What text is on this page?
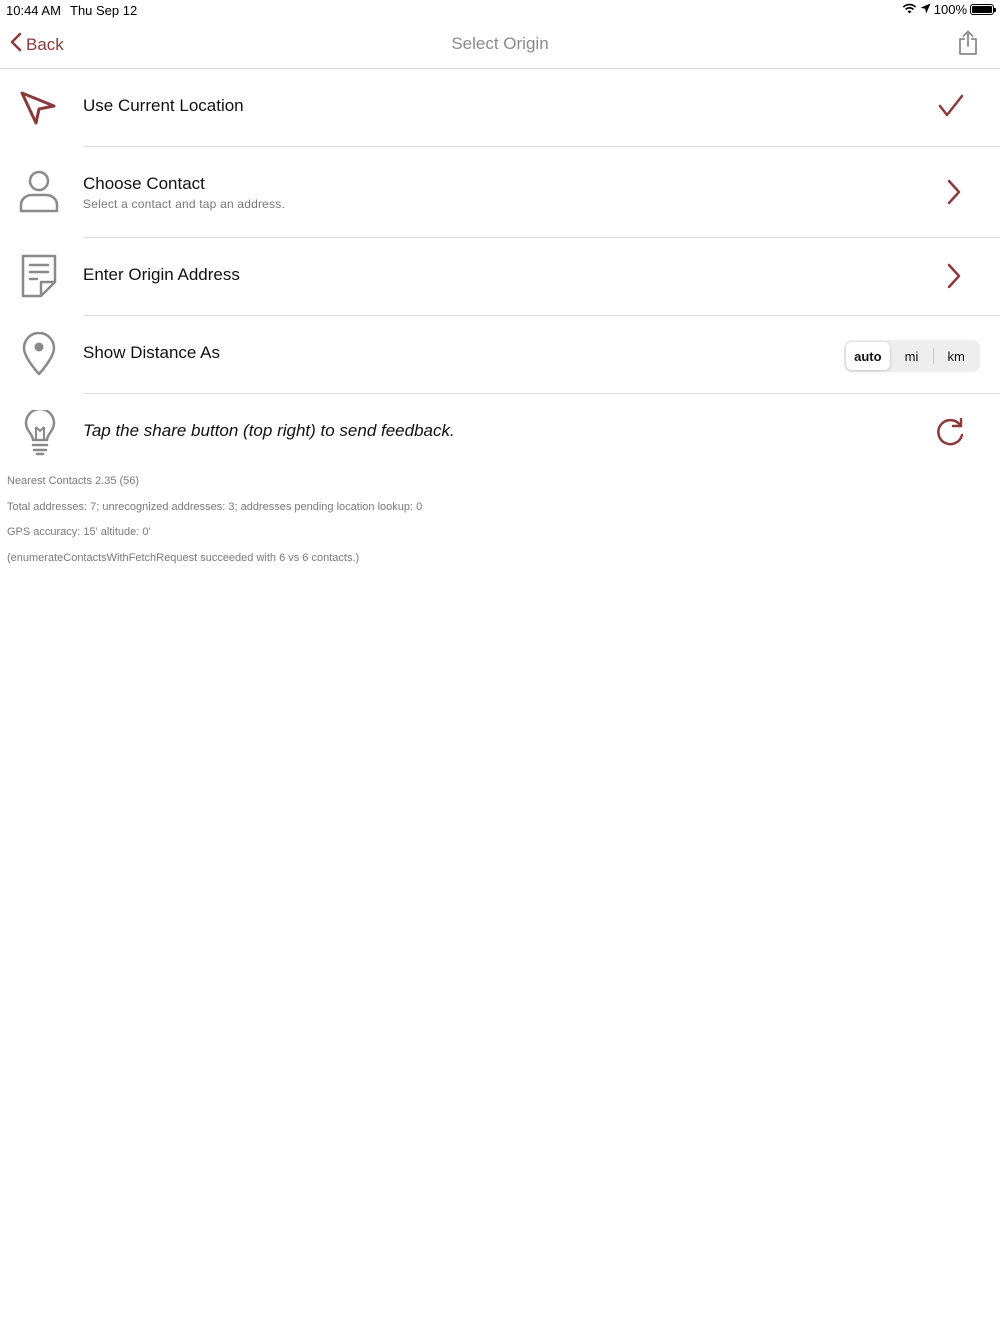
10:44 AM Thu Sep 12	100%
Back	Select Origin
Use Current Location
Choose Contact
Select a contact and tap an address.
Enter Origin Address
Show Distance As	auto	mi	km
Tap the share button (top right) to send feedback.
Nearest Contacts 2.35 (56)
Total addresses: 7; unrecognized addresses: 3; addresses pending location lookup: 0
GPS accuracy: 15' altitude: 0'
(enumerateContactsWithFetchRequest succeeded with 6 vs 6 contacts.)
